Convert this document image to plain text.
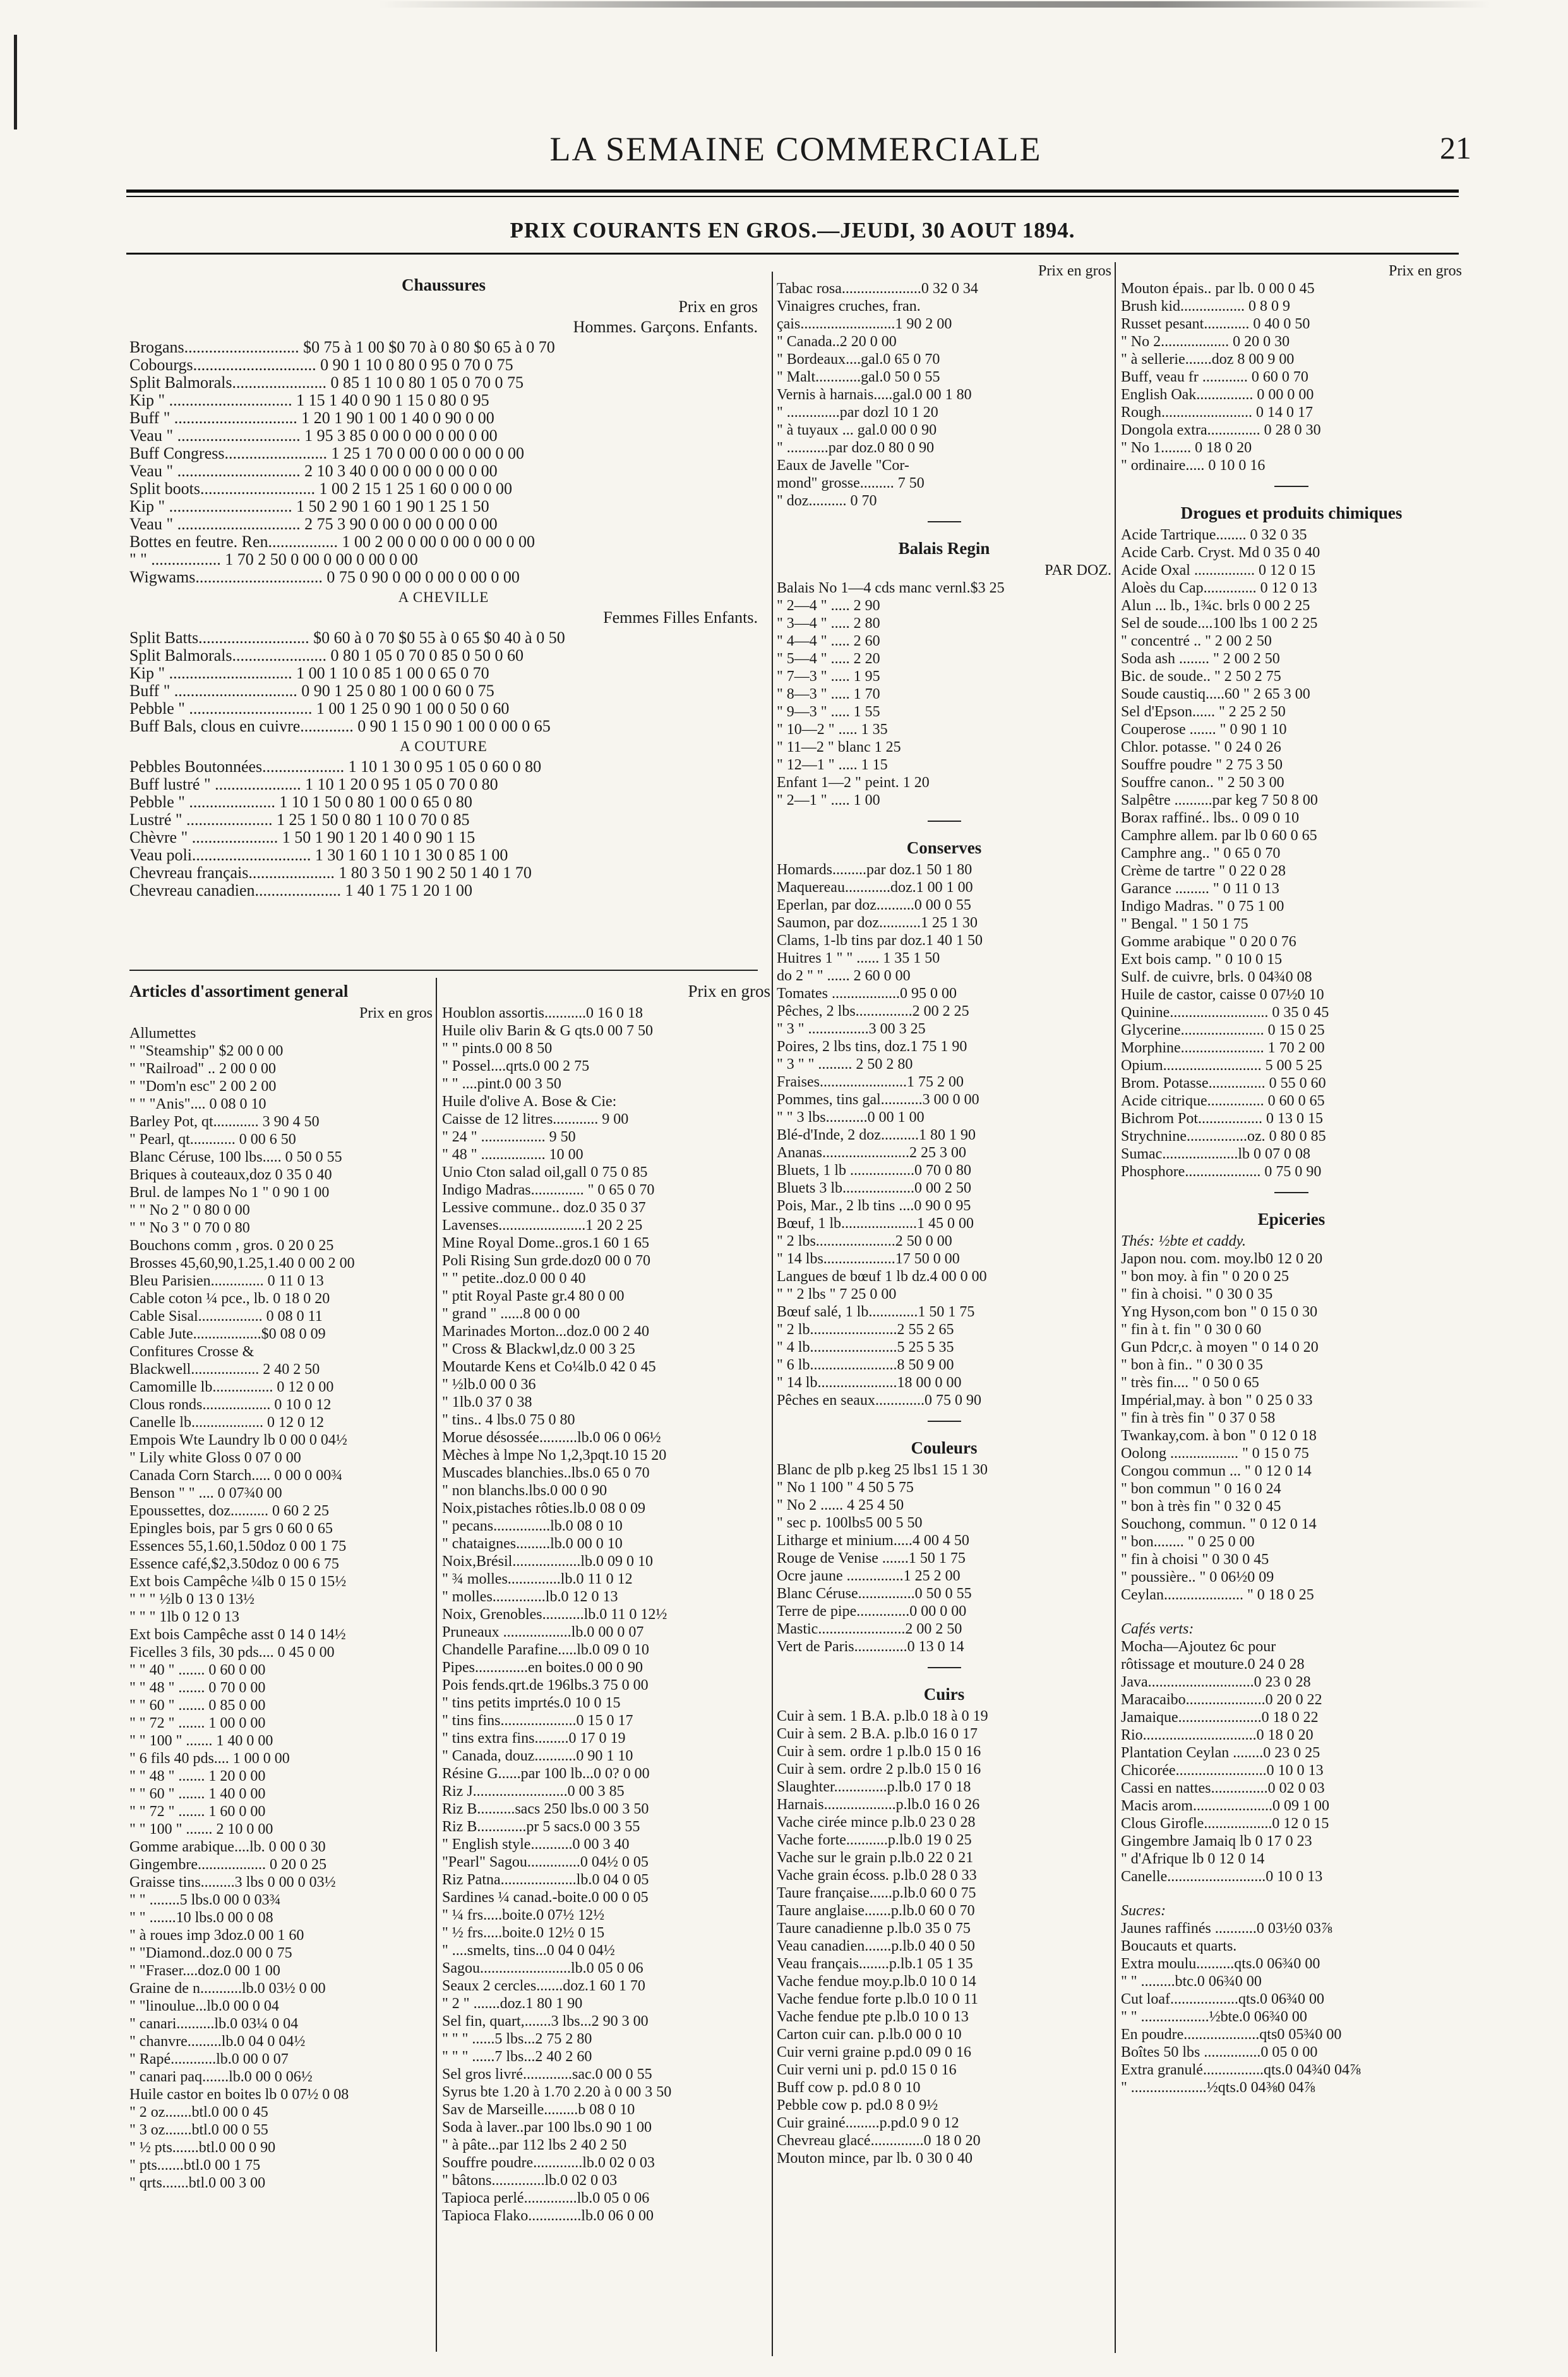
LA SEMAINE COMMERCIALE	21
PRIX COURANTS EN GROS.—JEUDI, 30 AOUT 1894.
Chaussures
Prix en gros
Hommes. Garçons. Enfants.
Brogans............................ $0 75 à 1 00 $0 70 à 0 80 $0 65 à 0 70
Cobourgs.............................. 0 90 1 10 0 80 0 95 0 70 0 75
Split Balmorals....................... 0 85 1 10 0 80 1 05 0 70 0 75
Kip " .............................. 1 15 1 40 0 90 1 15 0 80 0 95
Buff " .............................. 1 20 1 90 1 00 1 40 0 90 0 00
Veau " .............................. 1 95 3 85 0 00 0 00 0 00 0 00
Buff Congress......................... 1 25 1 70 0 00 0 00 0 00 0 00
Veau " .............................. 2 10 3 40 0 00 0 00 0 00 0 00
Split boots............................ 1 00 2 15 1 25 1 60 0 00 0 00
Kip " .............................. 1 50 2 90 1 60 1 90 1 25 1 50
Veau " .............................. 2 75 3 90 0 00 0 00 0 00 0 00
Bottes en feutre. Ren................. 1 00 2 00 0 00 0 00 0 00 0 00
" " ................. 1 70 2 50 0 00 0 00 0 00 0 00
Wigwams............................... 0 75 0 90 0 00 0 00 0 00 0 00
A CHEVILLE
Femmes Filles Enfants.
Split Batts........................... $0 60 à 0 70 $0 55 à 0 65 $0 40 à 0 50
Split Balmorals....................... 0 80 1 05 0 70 0 85 0 50 0 60
Kip " .............................. 1 00 1 10 0 85 1 00 0 65 0 70
Buff " .............................. 0 90 1 25 0 80 1 00 0 60 0 75
Pebble " .............................. 1 00 1 25 0 90 1 00 0 50 0 60
Buff Bals, clous en cuivre............. 0 90 1 15 0 90 1 00 0 00 0 65
A COUTURE
Pebbles Boutonnées.................... 1 10 1 30 0 95 1 05 0 60 0 80
Buff lustré " ..................... 1 10 1 20 0 95 1 05 0 70 0 80
Pebble " ..................... 1 10 1 50 0 80 1 00 0 65 0 80
Lustré " ..................... 1 25 1 50 0 80 1 10 0 70 0 85
Chèvre " ..................... 1 50 1 90 1 20 1 40 0 90 1 15
Veau poli............................. 1 30 1 60 1 10 1 30 0 85 1 00
Chevreau français..................... 1 80 3 50 1 90 2 50 1 40 1 70
Chevreau canadien..................... 1 40 1 75 1 20 1 00
Articles d'assortiment general
Prix en gros
Allumettes
" "Steamship" $2 00 0 00
" "Railroad" .. 2 00 0 00
" "Dom'n esc" 2 00 2 00
" " "Anis".... 0 08 0 10
Barley Pot, qt............ 3 90 4 50
" Pearl, qt............ 0 00 6 50
Blanc Céruse, 100 lbs..... 0 50 0 55
Briques à couteaux,doz 0 35 0 40
Brul. de lampes No 1 " 0 90 1 00
" " No 2 " 0 80 0 00
" " No 3 " 0 70 0 80
Bouchons comm , gros. 0 20 0 25
Brosses 45,60,90,1.25,1.40 0 00 2 00
Bleu Parisien.............. 0 11 0 13
Cable coton ¼ pce., lb. 0 18 0 20
Cable Sisal................. 0 08 0 11
Cable Jute..................$0 08 0 09
Confitures Crosse &
Blackwell.................. 2 40 2 50
Camomille lb................ 0 12 0 00
Clous ronds.................. 0 10 0 12
Canelle lb................... 0 12 0 12
Empois Wte Laundry lb 0 00 0 04½
" Lily white Gloss 0 07 0 00
Canada Corn Starch..... 0 00 0 00¾
Benson " " .... 0 07¾0 00
Epoussettes, doz.......... 0 60 2 25
Epingles bois, par 5 grs 0 60 0 65
Essences 55,1.60,1.50doz 0 00 1 75
Essence café,$2,3.50doz 0 00 6 75
Ext bois Campêche ¼lb 0 15 0 15½
" " " ½lb 0 13 0 13½
" " " 1lb 0 12 0 13
Ext bois Campêche asst 0 14 0 14½
Ficelles 3 fils, 30 pds.... 0 45 0 00
" " 40 " ....... 0 60 0 00
" " 48 " ....... 0 70 0 00
" " 60 " ....... 0 85 0 00
" " 72 " ....... 1 00 0 00
" " 100 " ....... 1 40 0 00
" 6 fils 40 pds.... 1 00 0 00
" " 48 " ....... 1 20 0 00
" " 60 " ....... 1 40 0 00
" " 72 " ....... 1 60 0 00
" " 100 " ....... 2 10 0 00
Gomme arabique....lb. 0 00 0 30
Gingembre.................. 0 20 0 25
Graisse tins.........3 lbs 0 00 0 03½
" " ........5 lbs.0 00 0 03¾
" " .......10 lbs.0 00 0 08
" à roues imp 3doz.0 00 1 60
" "Diamond..doz.0 00 0 75
" "Fraser....doz.0 00 1 00
Graine de n...........lb.0 03½ 0 00
" "linoulue...lb.0 00 0 04
" canari..........lb.0 03¼ 0 04
" chanvre.........lb.0 04 0 04½
" Rapé............lb.0 00 0 07
" canari paq.......lb.0 00 0 06½
Huile castor en boites lb 0 07½ 0 08
" 2 oz.......btl.0 00 0 45
" 3 oz.......btl.0 00 0 55
" ½ pts.......btl.0 00 0 90
" pts.......btl.0 00 1 75
" qrts.......btl.0 00 3 00
Prix en gros
Houblon assortis...........0 16 0 18
Huile oliv Barin & G qts.0 00 7 50
" " pints.0 00 8 50
" Possel....qrts.0 00 2 75
" " ....pint.0 00 3 50
Huile d'olive A. Bose & Cie:
Caisse de 12 litres............ 9 00
" 24 " ................. 9 50
" 48 " ................. 10 00
Unio Cton salad oil,gall 0 75 0 85
Indigo Madras.............. " 0 65 0 70
Lessive commune.. doz.0 35 0 37
Lavenses.......................1 20 2 25
Mine Royal Dome..gros.1 60 1 65
Poli Rising Sun grde.doz0 00 0 70
" " petite..doz.0 00 0 40
" ptit Royal Paste gr.4 80 0 00
" grand " ......8 00 0 00
Marinades Morton...doz.0 00 2 40
" Cross & Blackwl,dz.0 00 3 25
Moutarde Kens et Co¼lb.0 42 0 45
" ½lb.0 00 0 36
" 1lb.0 37 0 38
" tins.. 4 lbs.0 75 0 80
Morue désossée..........lb.0 06 0 06½
Mèches à lmpe No 1,2,3pqt.10 15 20
Muscades blanchies..lbs.0 65 0 70
" non blanchs.lbs.0 00 0 90
Noix,pistaches rôties.lb.0 08 0 09
" pecans...............lb.0 08 0 10
" chataignes.........lb.0 00 0 10
Noix,Brésil..................lb.0 09 0 10
" ¾ molles..............lb.0 11 0 12
" molles..............lb.0 12 0 13
Noix, Grenobles...........lb.0 11 0 12½
Pruneaux ..................lb.0 00 0 07
Chandelle Parafine.....lb.0 09 0 10
Pipes..............en boites.0 00 0 90
Pois fends.qrt.de 196lbs.3 75 0 00
" tins petits imprtés.0 10 0 15
" tins fins....................0 15 0 17
" tins extra fins.........0 17 0 19
" Canada, douz...........0 90 1 10
Résine G......par 100 lb...0 0? 0 00
Riz J.........................0 00 3 85
Riz B..........sacs 250 lbs.0 00 3 50
Riz B.............pr 5 sacs.0 00 3 55
" English style...........0 00 3 40
"Pearl" Sagou..............0 04½ 0 05
Riz Patna....................lb.0 04 0 05
Sardines ¼ canad.-boite.0 00 0 05
" ¼ frs.....boite.0 07½ 12½
" ½ frs.....boite.0 12½ 0 15
" ....smelts, tins...0 04 0 04½
Sagou........................lb.0 05 0 06
Seaux 2 cercles.......doz.1 60 1 70
" 2 " .......doz.1 80 1 90
Sel fin, quart,.......3 lbs...2 90 3 00
" " " ......5 lbs...2 75 2 80
" " " ......7 lbs...2 40 2 60
Sel gros livré.............sac.0 00 0 55
Syrus bte 1.20 à 1.70 2.20 à 0 00 3 50
Sav de Marseille.........b 08 0 10
Soda à laver..par 100 lbs.0 90 1 00
" à pâte...par 112 lbs 2 40 2 50
Souffre poudre.............lb.0 02 0 03
" bâtons..............lb.0 02 0 03
Tapioca perlé..............lb.0 05 0 06
Tapioca Flako..............lb.0 06 0 00
Prix en gros
Tabac rosa.....................0 32 0 34
Vinaigres cruches, fran.
çais.........................1 90 2 00
" Canada..2 20 0 00
" Bordeaux....gal.0 65 0 70
" Malt............gal.0 50 0 55
Vernis à harnais.....gal.0 00 1 80
" ..............par dozl 10 1 20
" à tuyaux ... gal.0 00 0 90
" ...........par doz.0 80 0 90
Eaux de Javelle "Cor-
mond" grosse......... 7 50
" doz.......... 0 70
Balais Regin
PAR DOZ.
Balais No 1—4 cds manc vernl.$3 25
" 2—4 " ..... 2 90
" 3—4 " ..... 2 80
" 4—4 " ..... 2 60
" 5—4 " ..... 2 20
" 7—3 " ..... 1 95
" 8—3 " ..... 1 70
" 9—3 " ..... 1 55
" 10—2 " ..... 1 35
" 11—2 " blanc 1 25
" 12—1 " ..... 1 15
Enfant 1—2 " peint. 1 20
" 2—1 " ..... 1 00
Conserves
Homards.........par doz.1 50 1 80
Maquereau............doz.1 00 1 00
Eperlan, par doz..........0 00 0 55
Saumon, par doz...........1 25 1 30
Clams, 1-lb tins par doz.1 40 1 50
Huitres 1 " " ...... 1 35 1 50
do 2 " " ...... 2 60 0 00
Tomates ..................0 95 0 00
Pêches, 2 lbs...............2 00 2 25
" 3 " ................3 00 3 25
Poires, 2 lbs tins, doz.1 75 1 90
" 3 " " ......... 2 50 2 80
Fraises.......................1 75 2 00
Pommes, tins gal...........3 00 0 00
" " 3 lbs...........0 00 1 00
Blé-d'Inde, 2 doz..........1 80 1 90
Ananas.......................2 25 3 00
Bluets, 1 lb .................0 70 0 80
Bluets 3 lb...................0 00 2 50
Pois, Mar., 2 lb tins ....0 90 0 95
Bœuf, 1 lb....................1 45 0 00
" 2 lbs.....................2 50 0 00
" 14 lbs...................17 50 0 00
Langues de bœuf 1 lb dz.4 00 0 00
" " 2 lbs " 7 25 0 00
Bœuf salé, 1 lb.............1 50 1 75
" 2 lb.......................2 55 2 65
" 4 lb.......................5 25 5 35
" 6 lb.......................8 50 9 00
" 14 lb.....................18 00 0 00
Pêches en seaux.............0 75 0 90
Couleurs
Blanc de plb p.keg 25 lbs1 15 1 30
" No 1 100 " 4 50 5 75
" No 2 ...... 4 25 4 50
" sec p. 100lbs5 00 5 50
Litharge et minium.....4 00 4 50
Rouge de Venise .......1 50 1 75
Ocre jaune ...............1 25 2 00
Blanc Céruse...............0 50 0 55
Terre de pipe..............0 00 0 00
Mastic.......................2 00 2 50
Vert de Paris..............0 13 0 14
Cuirs
Cuir à sem. 1 B.A. p.lb.0 18 à 0 19
Cuir à sem. 2 B.A. p.lb.0 16 0 17
Cuir à sem. ordre 1 p.lb.0 15 0 16
Cuir à sem. ordre 2 p.lb.0 15 0 16
Slaughter..............p.lb.0 17 0 18
Harnais...................p.lb.0 16 0 26
Vache cirée mince p.lb.0 23 0 28
Vache forte...........p.lb.0 19 0 25
Vache sur le grain p.lb.0 22 0 21
Vache grain écoss. p.lb.0 28 0 33
Taure française......p.lb.0 60 0 75
Taure anglaise.......p.lb.0 60 0 70
Taure canadienne p.lb.0 35 0 75
Veau canadien.......p.lb.0 40 0 50
Veau français........p.lb.1 05 1 35
Vache fendue moy.p.lb.0 10 0 14
Vache fendue forte p.lb.0 10 0 11
Vache fendue pte p.lb.0 10 0 13
Carton cuir can. p.lb.0 00 0 10
Cuir verni graine p.pd.0 09 0 16
Cuir verni uni p. pd.0 15 0 16
Buff cow p. pd.0 8 0 10
Pebble cow p. pd.0 8 0 9½
Cuir grainé.........p.pd.0 9 0 12
Chevreau glacé..............0 18 0 20
Mouton mince, par lb. 0 30 0 40
Prix en gros
Mouton épais.. par lb. 0 00 0 45
Brush kid................. 0 8 0 9
Russet pesant............ 0 40 0 50
" No 2.................. 0 20 0 30
" à sellerie.......doz 8 00 9 00
Buff, veau fr ............ 0 60 0 70
English Oak............... 0 00 0 00
Rough........................ 0 14 0 17
Dongola extra.............. 0 28 0 30
" No 1........ 0 18 0 20
" ordinaire..... 0 10 0 16
Drogues et produits chimiques
Acide Tartrique........ 0 32 0 35
Acide Carb. Cryst. Md 0 35 0 40
Acide Oxal ................ 0 12 0 15
Aloès du Cap.............. 0 12 0 13
Alun ... lb., 1¾c. brls 0 00 2 25
Sel de soude....100 lbs 1 00 2 25
" concentré .. " 2 00 2 50
Soda ash ........ " 2 00 2 50
Bic. de soude.. " 2 50 2 75
Soude caustiq.....60 " 2 65 3 00
Sel d'Epson...... " 2 25 2 50
Couperose ....... " 0 90 1 10
Chlor. potasse. " 0 24 0 26
Souffre poudre " 2 75 3 50
Souffre canon.. " 2 50 3 00
Salpêtre ..........par keg 7 50 8 00
Borax raffiné.. lbs.. 0 09 0 10
Camphre allem. par lb 0 60 0 65
Camphre ang.. " 0 65 0 70
Crème de tartre " 0 22 0 28
Garance ......... " 0 11 0 13
Indigo Madras. " 0 75 1 00
" Bengal. " 1 50 1 75
Gomme arabique " 0 20 0 76
Ext bois camp. " 0 10 0 15
Sulf. de cuivre, brls. 0 04¾0 08
Huile de castor, caisse 0 07½0 10
Quinine.......................... 0 35 0 45
Glycerine...................... 0 15 0 25
Morphine...................... 1 70 2 00
Opium.......................... 5 00 5 25
Brom. Potasse............... 0 55 0 60
Acide citrique............... 0 60 0 65
Bichrom Pot................. 0 13 0 15
Strychnine................oz. 0 80 0 85
Sumac....................lb 0 07 0 08
Phosphore.................... 0 75 0 90
Epiceries
Thés: ½bte et caddy.
Japon nou. com. moy.lb0 12 0 20
" bon moy. à fin " 0 20 0 25
" fin à choisi. " 0 30 0 35
Yng Hyson,com bon " 0 15 0 30
" fin à t. fin " 0 30 0 60
Gun Pdcr,c. à moyen " 0 14 0 20
" bon à fin.. " 0 30 0 35
" très fin.... " 0 50 0 65
Impérial,may. à bon " 0 25 0 33
" fin à très fin " 0 37 0 58
Twankay,com. à bon " 0 12 0 18
Oolong .................. " 0 15 0 75
Congou commun ... " 0 12 0 14
" bon commun " 0 16 0 24
" bon à très fin " 0 32 0 45
Souchong, commun. " 0 12 0 14
" bon........ " 0 25 0 00
" fin à choisi " 0 30 0 45
" poussière.. " 0 06½0 09
Ceylan..................... " 0 18 0 25
Cafés verts:
Mocha—Ajoutez 6c pour
rôtissage et mouture.0 24 0 28
Java............................0 23 0 28
Maracaibo.....................0 20 0 22
Jamaique......................0 18 0 22
Rio..............................0 18 0 20
Plantation Ceylan ........0 23 0 25
Chicorée........................0 10 0 13
Cassi en nattes...............0 02 0 03
Macis arom.....................0 09 1 00
Clous Girofle..................0 12 0 15
Gingembre Jamaiq lb 0 17 0 23
" d'Afrique lb 0 12 0 14
Canelle..........................0 10 0 13
Sucres:
Jaunes raffinés ...........0 03½0 03⅞
Boucauts et quarts.
Extra moulu..........qts.0 06¾0 00
" " .........btc.0 06¾0 00
Cut loaf..................qts.0 06¾0 00
" " ..................½bte.0 06¾0 00
En poudre....................qts0 05¾0 00
Boîtes 50 lbs ...............0 05 0 00
Extra granulé................qts.0 04¾0 04⅞
" ....................½qts.0 04⅜0 04⅞
